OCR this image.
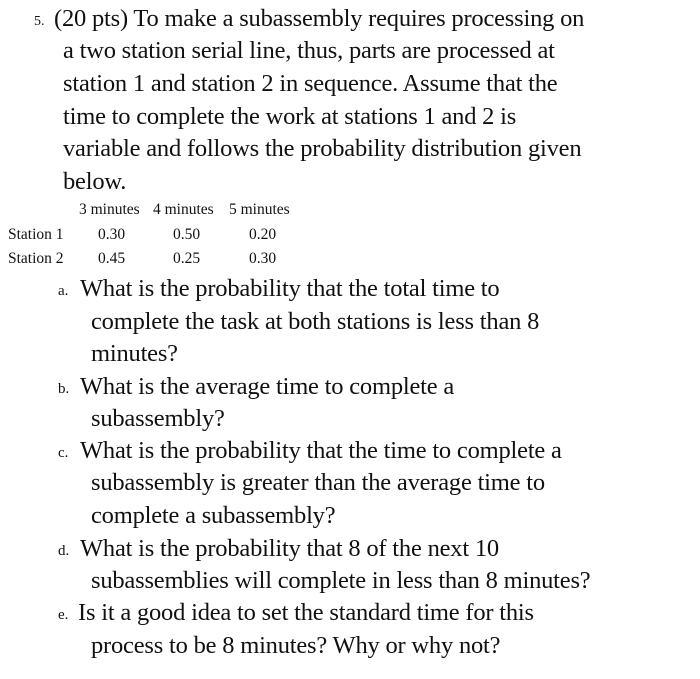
5. (20 pts) To make a subassembly requires processing on
a two station serial line, thus, parts are processed at
station 1 and station 2 in sequence. Assume that the
time to complete the work at stations 1 and 2 is
variable and follows the probability distribution given
below.
3 minutes 4 minutes 5 minutes
Station 1 0.30	0.50	0.20
Station 2 0.45	0.25	0.30
a. What is the probability that the total time to
complete the task at both stations is less than 8
minutes?
b. What is the average time to complete a
subassembly?
c. What is the probability that the time to complete a
subassembly is greater than the average time to
complete a subassembly?
d. What is the probability that 8 of the next 10
subassemblies will complete in less than 8 minutes?
e. Is it a good idea to set the standard time for this
process to be 8 minutes? Why or why not?
